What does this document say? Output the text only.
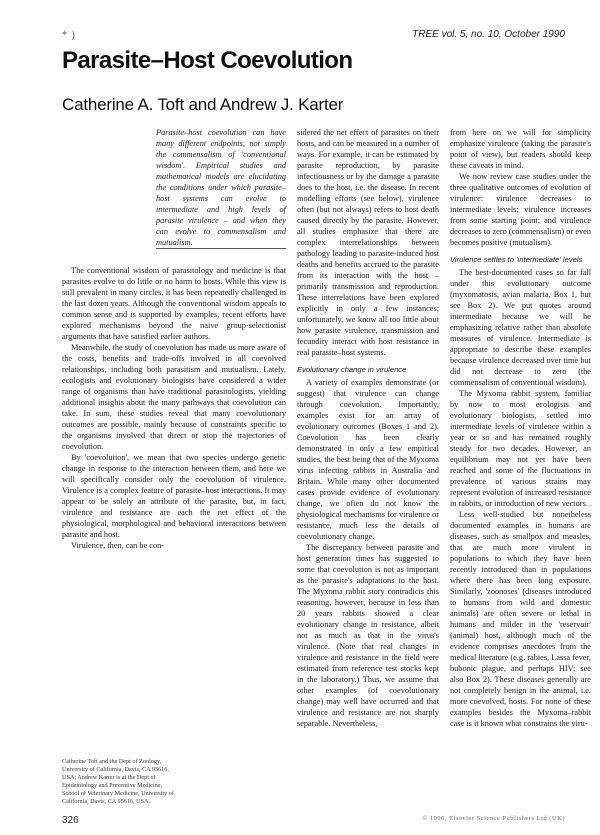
* )	TREE vol. 5, no. 10, October 1990
Parasite–Host Coevolution
Catherine A. Toft and Andrew J. Karter

Parasite–host coevolution can have many different endpoints, not simply the commensalism of 'conventional wisdom'. Empirical studies and mathematical models are elucidating the conditions under which parasite–host systems can evolve to intermediate and high levels of parasite virulence – and when they can evolve to commensalism and mutualism.

The conventional wisdom of parasitology and medicine is that parasites evolve to do little or no harm to hosts. While this view is still prevalent in many circles, it has been repeatedly challenged in the last dozen years. Although the conventional wisdom appeals to common sense and is supported by examples, recent efforts have explored mechanisms beyond the naive group-selectionist arguments that have satisfied earlier authors.

Meanwhile, the study of coevolution has made us more aware of the costs, benefits and trade-offs involved in all coevolved relationships, including both parasitism and mutualism. Lately, ecologists and evolutionary biologists have considered a wider range of organisms than have traditional parasitologists, yielding additional insights about the many pathways that coevolution can take. In sum, these studies reveal that many coevolutionary outcomes are possible, mainly because of constraints specific to the organisms involved that direct or stop the trajectories of coevolution.

By 'coevolution', we mean that two species undergo genetic change in response to the interaction between them, and here we will specifically consider only the coevolution of virulence. Virulence is a complex feature of parasite–host interactions. It may appear to be solely an attribute of the parasite, but, in fact, virulence and resistance are each the net effect of the physiological, morphological and behavioral interactions between parasite and host.

Virulence, then, can be con-

sidered the net effect of parasites on their hosts, and can be measured in a number of ways. For example, it can be estimated by parasite reproduction, by parasite infectiousness or by the damage a parasite does to the host, i.e. the disease. In recent modelling efforts (see below), virulence often (but not always) refers to host death caused directly by the parasite. However, all studies emphasize that there are complex interrelationships between pathology leading to parasite-induced host deaths and benefits accrued to the parasite from its interaction with the host – primarily transmission and reproduction. These interrelations have been explored explicitly in only a few instances; unfortunately, we know all too little about how parasite virulence, transmission and fecundity interact with host resistance in real parasite–host systems.

Evolutionary change in virulence

A variety of examples demonstrate (or suggest) that virulence can change through coevolution. Importantly, examples exist for an array of evolutionary outcomes (Boxes 1 and 2). Coevolution has been clearly demonstrated in only a few empirical studies, the best being that of the Myxoma virus infecting rabbits in Australia and Britain. While many other documented cases provide evidence of evolutionary change, we often do not know the physiological mechanisms for virulence or resistance, much less the details of coevolutionary change.

The discrepancy between parasite and host generation times has suggested to some that coevolution is not as important as the parasite's adaptations to the host. The Myxoma rabbit story contradicts this reasoning, however, because in less than 20 years rabbits showed a clear evolutionary change in resistance, albeit not as much as that in the virus's virulence. (Note that real changes in virulence and resistance in the field were estimated from reference test stocks kept in the laboratory.) Thus, we assume that other examples (of coevolutionary change) may well have occurred and that virulence and resistance are not sharply separable. Nevertheless,

from here on we will for simplicity emphasize virulence (taking the parasite's point of view), but readers should keep these caveats in mind.

We now review case studies under the three qualitative outcomes of evolution of virulence: virulence decreases to intermediate levels; virulence increases from some starting point; and virulence decreases to zero (commensalism) or even becomes positive (mutualism).

Virulence settles to 'intermediate' levels

The best-documented cases so far fall under this evolutionary outcome (myxomatosis, avian malaria, Box 1, but see Box 2). We put quotes around intermediate because we will be emphasizing relative rather than absolute measures of virulence. Intermediate is appropriate to describe these examples because virulence decreased over time but did not decrease to zero (the commensalism of conventional wisdom).

The Myxoma rabbit system, familiar by now to most ecologists and evolutionary biologists, settled into intermediate levels of virulence within a year or so and has remained roughly steady for two decades. However, an equilibrium may not yet have been reached and some of the fluctuations in prevalence of various strains may represent evolution of increased resistance in rabbits, or introduction of new vectors.

Less well-studied but nonetheless documented examples in humans are diseases, such as smallpox and measles, that are much more virulent in populations to which they have been recently introduced than in populations where there has been long exposure. Similarly, 'zoonoses' (diseases introduced to humans from wild and domestic animals) are often severe or lethal in humans and milder in the 'reservoir' (animal) host, although much of the evidence comprises anecdotes from the medical literature (e.g. rabies, Lassa fever, bubonic plague, and perhaps HIV; see also Box 2). These diseases generally are not completely benign in the animal, i.e. more coevolved, hosts. For none of these examples besides the Myxoma–rabbit case is it known what constrains the viru-

Catherine Toft and the Dept of Zoology, University of California, Davis, CA 95616, USA; Andrew Karter is at the Dept of Epidemiology and Preventive Medicine, School of Veterinary Medicine, University of California, Davis, CA 95616, USA.

326	© 1990, Elsevier Science Publishers Ltd (UK)
